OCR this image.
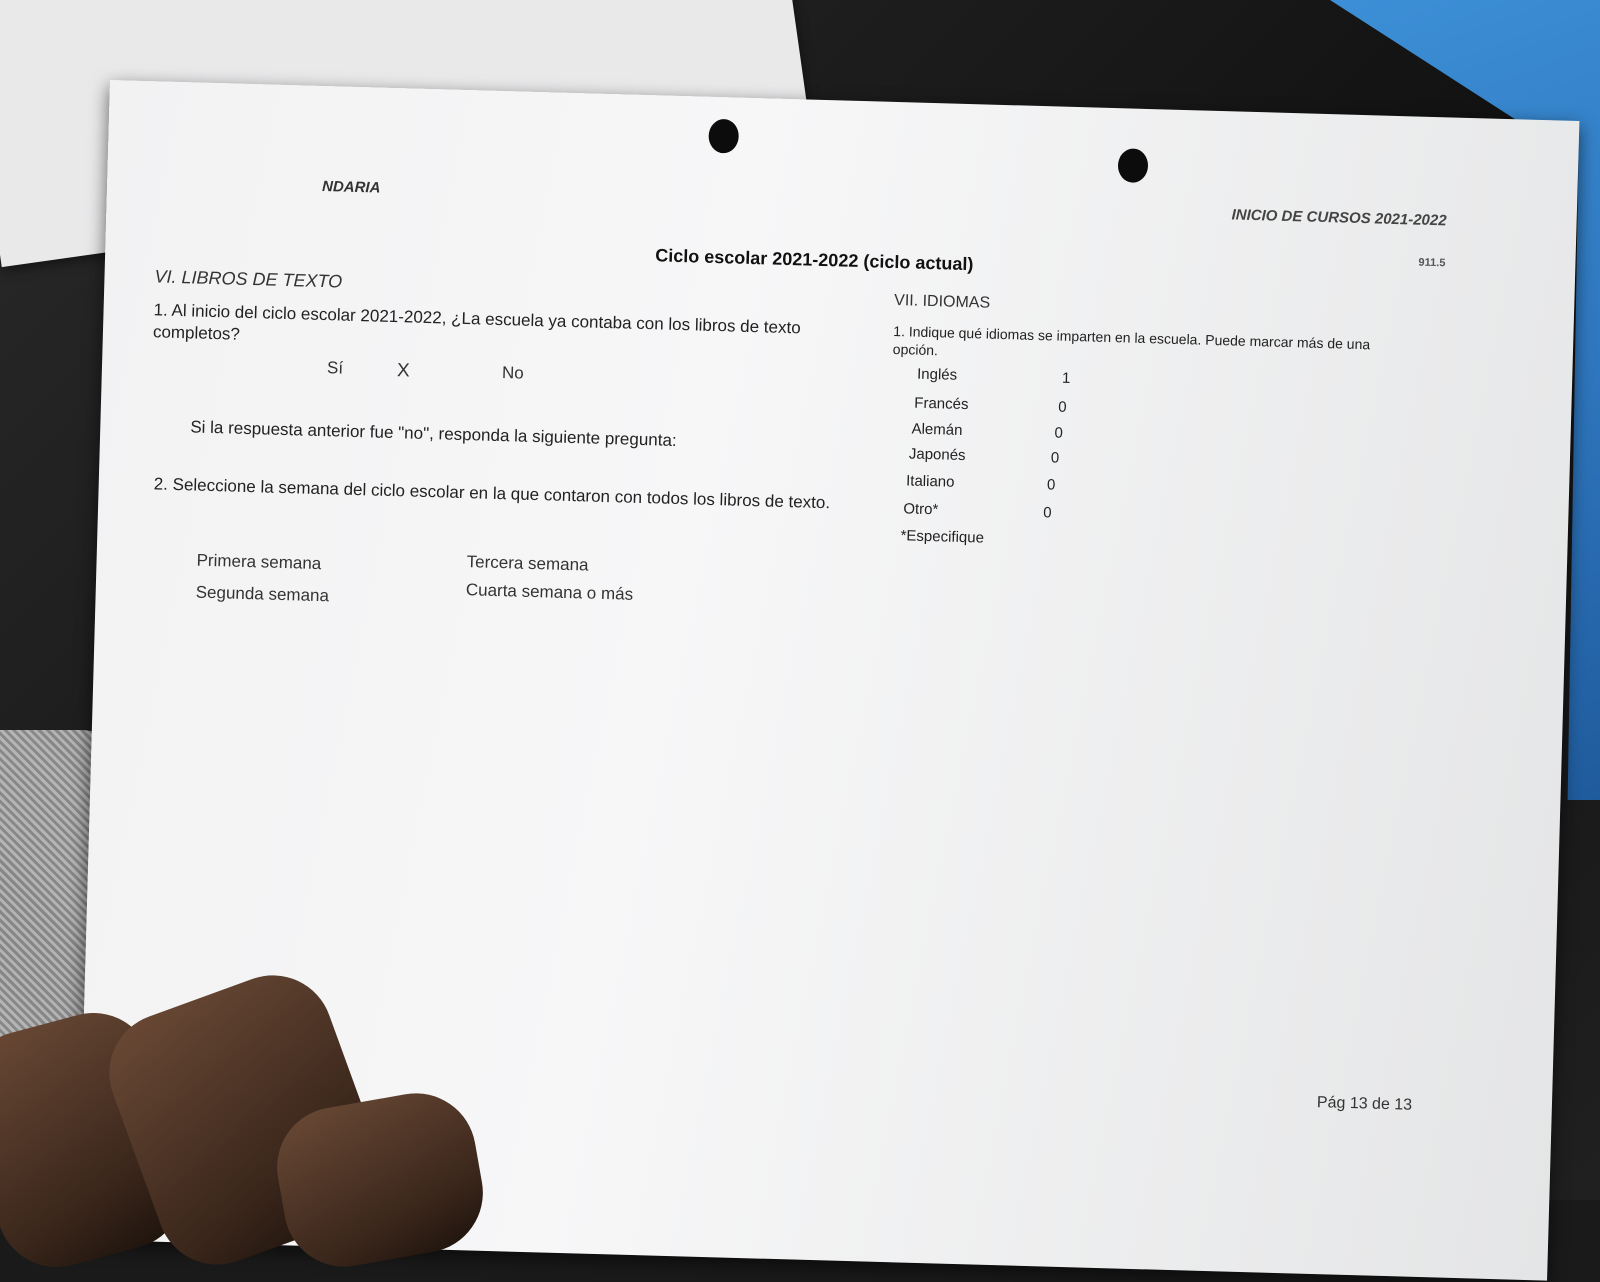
NDARIA
INICIO DE CURSOS 2021-2022
911.5
Ciclo escolar 2021-2022 (ciclo actual)
VI. LIBROS DE TEXTO
1. Al inicio del ciclo escolar 2021-2022, ¿La escuela ya contaba con los libros de texto completos?
Sí	X	No
Si la respuesta anterior fue "no", responda la siguiente pregunta:
2. Seleccione la semana del ciclo escolar en la que contaron con todos los libros de texto.
Primera semana
Segunda semana
Tercera semana
Cuarta semana o más
VII. IDIOMAS
1. Indique qué idiomas se imparten en la escuela. Puede marcar más de una opción.
Inglés	1
Francés	0
Alemán	0
Japonés	0
Italiano	0
Otro*	0
*Especifique
Pág 13 de 13
